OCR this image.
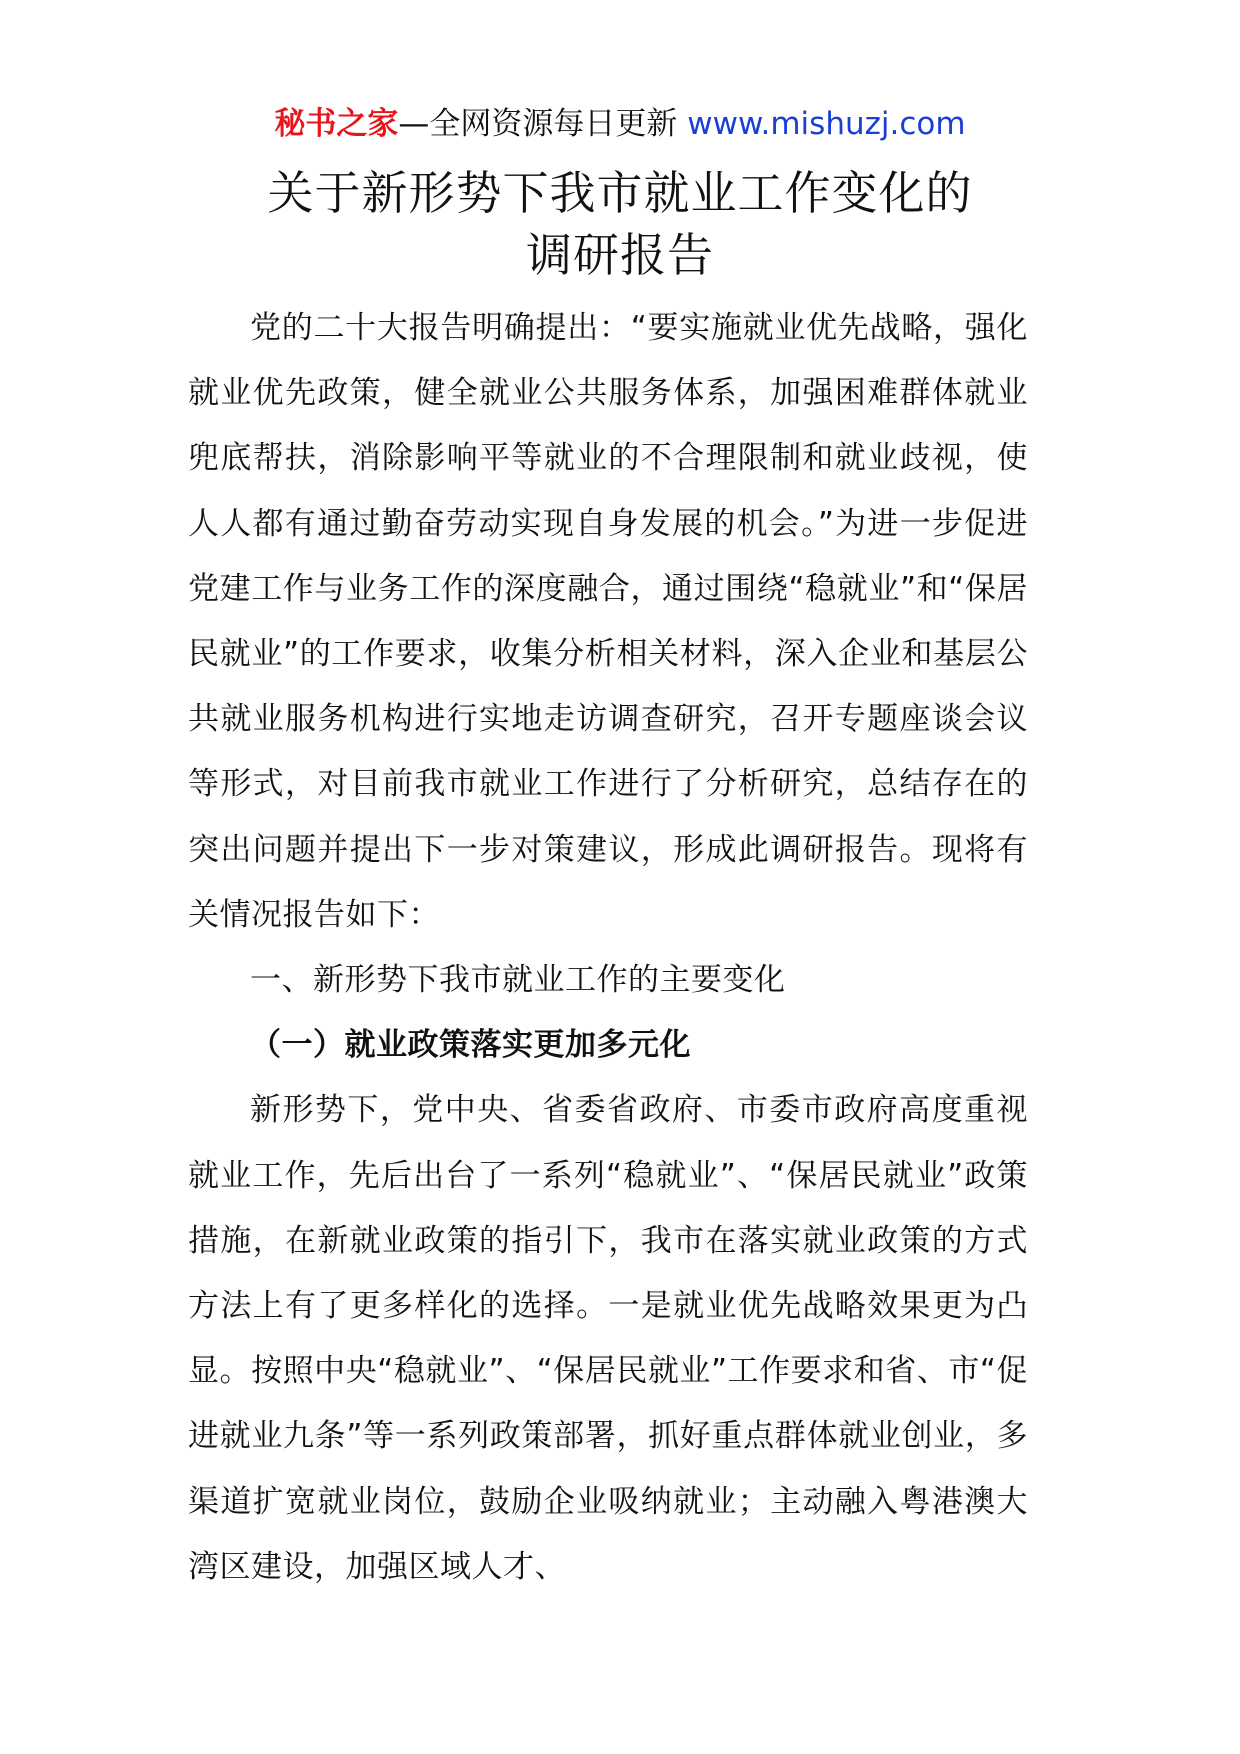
秘书之家—全网资源每日更新 www.mishuzj.com
关于新形势下我市就业工作变化的
调研报告

党的二十大报告明确提出：“要实施就业优先战略，强化就业优先政策，健全就业公共服务体系，加强困难群体就业兜底帮扶，消除影响平等就业的不合理限制和就业歧视，使人人都有通过勤奋劳动实现自身发展的机会。”为进一步促进党建工作与业务工作的深度融合，通过围绕“稳就业”和“保居民就业”的工作要求，收集分析相关材料，深入企业和基层公共就业服务机构进行实地走访调查研究，召开专题座谈会议等形式，对目前我市就业工作进行了分析研究，总结存在的突出问题并提出下一步对策建议，形成此调研报告。现将有关情况报告如下：

一、新形势下我市就业工作的主要变化

（一）就业政策落实更加多元化

新形势下，党中央、省委省政府、市委市政府高度重视就业工作，先后出台了一系列“稳就业”、“保居民就业”政策措施，在新就业政策的指引下，我市在落实就业政策的方式方法上有了更多样化的选择。一是就业优先战略效果更为凸显。按照中央“稳就业”、“保居民就业”工作要求和省、市“促进就业九条”等一系列政策部署，抓好重点群体就业创业，多渠道扩宽就业岗位，鼓励企业吸纳就业；主动融入粤港澳大湾区建设，加强区域人才、
